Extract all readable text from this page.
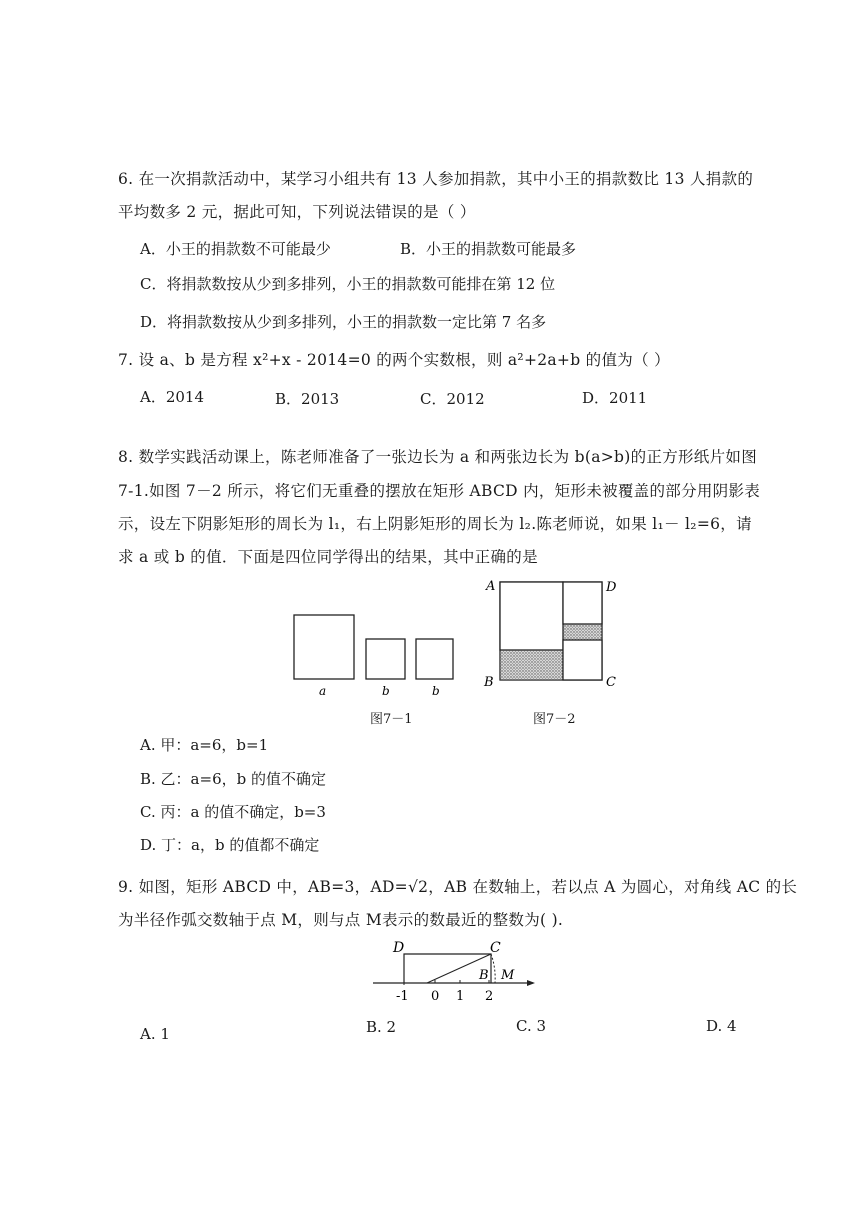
6. 在一次捐款活动中，某学习小组共有 13 人参加捐款，其中小王的捐款数比 13 人捐款的
平均数多 2 元，据此可知，下列说法错误的是（ ）
A．小王的捐款数不可能最少	B．小王的捐款数可能最多
C．将捐款数按从少到多排列，小王的捐款数可能排在第 12 位
D．将捐款数按从少到多排列，小王的捐款数一定比第 7 名多
7. 设 a、b 是方程 x²+x - 2014=0 的两个实数根，则 a²+2a+b 的值为（ ）
A．2014	B．2013	C．2012	D．2011
8. 数学实践活动课上，陈老师准备了一张边长为 a 和两张边长为 b(a>b)的正方形纸片如图
7-1.如图 7－2 所示，将它们无重叠的摆放在矩形 ABCD 内，矩形未被覆盖的部分用阴影表
示，设左下阴影矩形的周长为 l₁，右上阴影矩形的周长为 l₂.陈老师说，如果 l₁－ l₂=6，请
求 a 或 b 的值．下面是四位同学得出的结果，其中正确的是
a	b	b
图7－1
A	D
B	C
图7－2
A. 甲：a=6，b=1
B. 乙：a=6，b 的值不确定
C. 丙：a 的值不确定，b=3
D. 丁：a，b 的值都不确定
9. 如图，矩形 ABCD 中，AB=3，AD=√2，AB 在数轴上，若以点 A 为圆心，对角线 AC 的长
为半径作弧交数轴于点 M，则与点 M表示的数最近的整数为( ).
D	C
B M
-1 0 1 2
A. 1	B. 2	C. 3	D. 4
